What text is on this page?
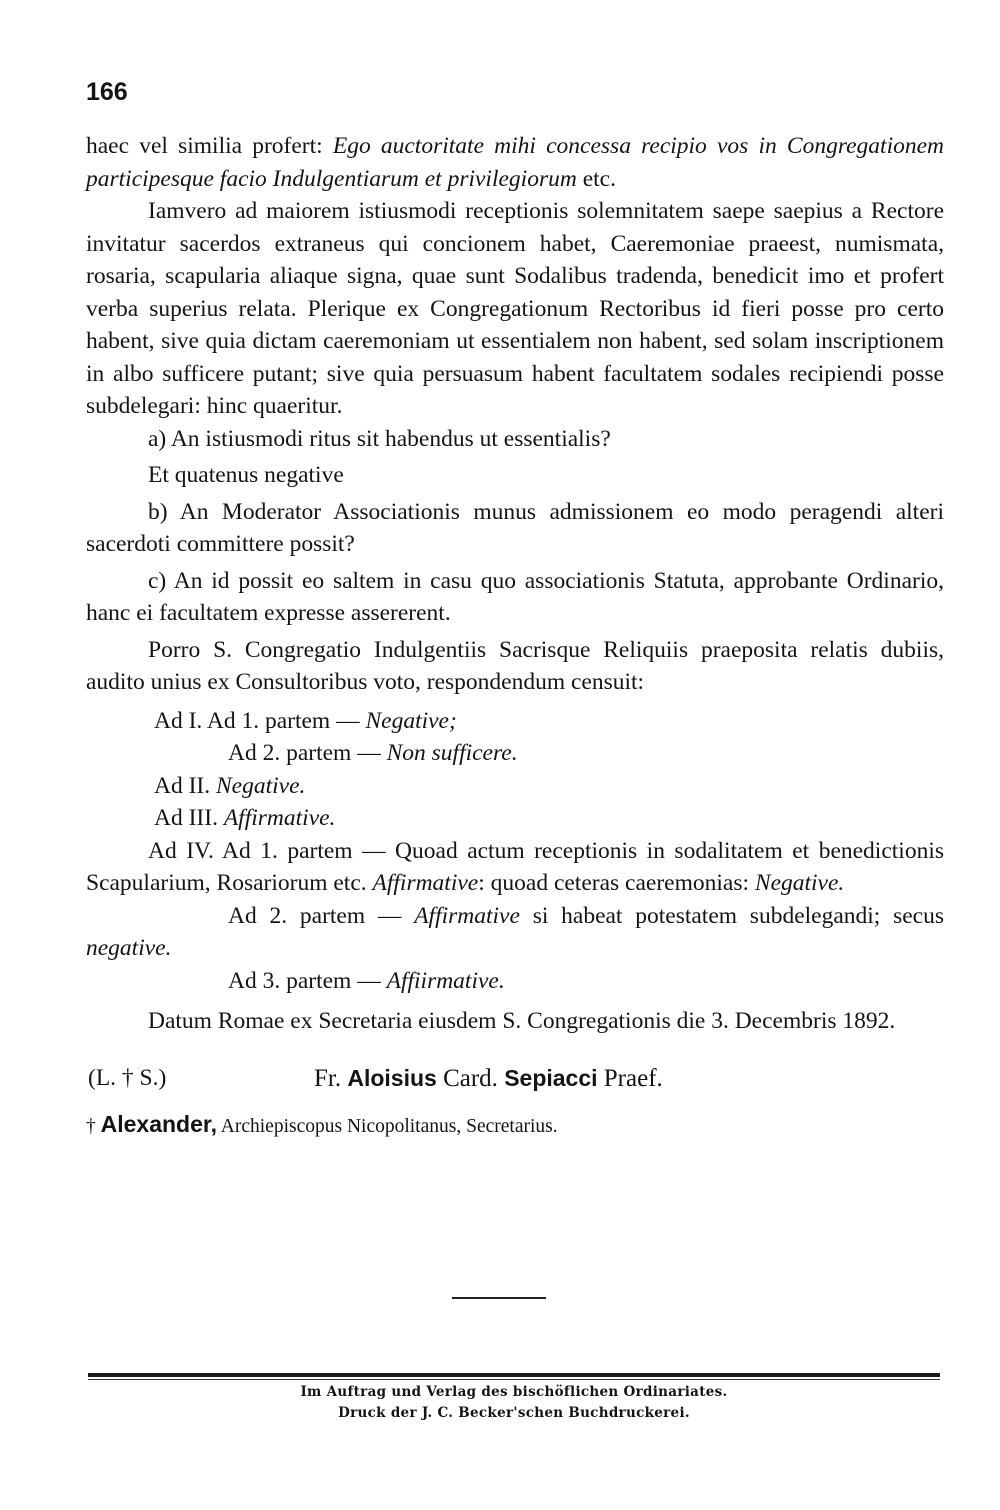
166

haec vel similia profert: Ego auctoritate mihi concessa recipio vos in Congregationem participesque facio Indulgentiarum et privilegiorum etc.

Iamvero ad maiorem istiusmodi receptionis solemnitatem saepe saepius a Rectore invitatur sacerdos extraneus qui concionem habet, Caeremoniae praeest, numismata, rosaria, scapularia aliaque signa, quae sunt Sodalibus tradenda, benedicit imo et profert verba superius relata. Plerique ex Congregationum Rectoribus id fieri posse pro certo habent, sive quia dictam caeremoniam ut essentialem non habent, sed solam inscriptionem in albo sufficere putant; sive quia persuasum habent facultatem sodales recipiendi posse subdelegari: hinc quaeritur.

a) An istiusmodi ritus sit habendus ut essentialis?

Et quatenus negative

b) An Moderator Associationis munus admissionem eo modo peragendi alteri sacerdoti committere possit?

c) An id possit eo saltem in casu quo associationis Statuta, approbante Ordinario, hanc ei facultatem expresse assererent.

Porro S. Congregatio Indulgentiis Sacrisque Reliquiis praeposita relatis dubiis, audito unius ex Consultoribus voto, respondendum censuit:

Ad I. Ad 1. partem — Negative;

Ad 2. partem — Non sufficere.

Ad II. Negative.

Ad III. Affirmative.

Ad IV. Ad 1. partem — Quoad actum receptionis in sodalitatem et benedictionis Scapularium, Rosariorum etc. Affirmative: quoad ceteras caeremonias: Negative.

Ad 2. partem — Affirmative si habeat potestatem subdelegandi; secus negative.

Ad 3. partem — Affiirmative.

Datum Romae ex Secretaria eiusdem S. Congregationis die 3. Decembris 1892.

(L. † S.)	Fr. Aloisius Card. Sepiacci Praef.

† Alexander, Archiepiscopus Nicopolitanus, Secretarius.

Im Auftrag und Verlag des bischöflichen Ordinariates.
Druck der J. C. Becker'schen Buchdruckerei.
